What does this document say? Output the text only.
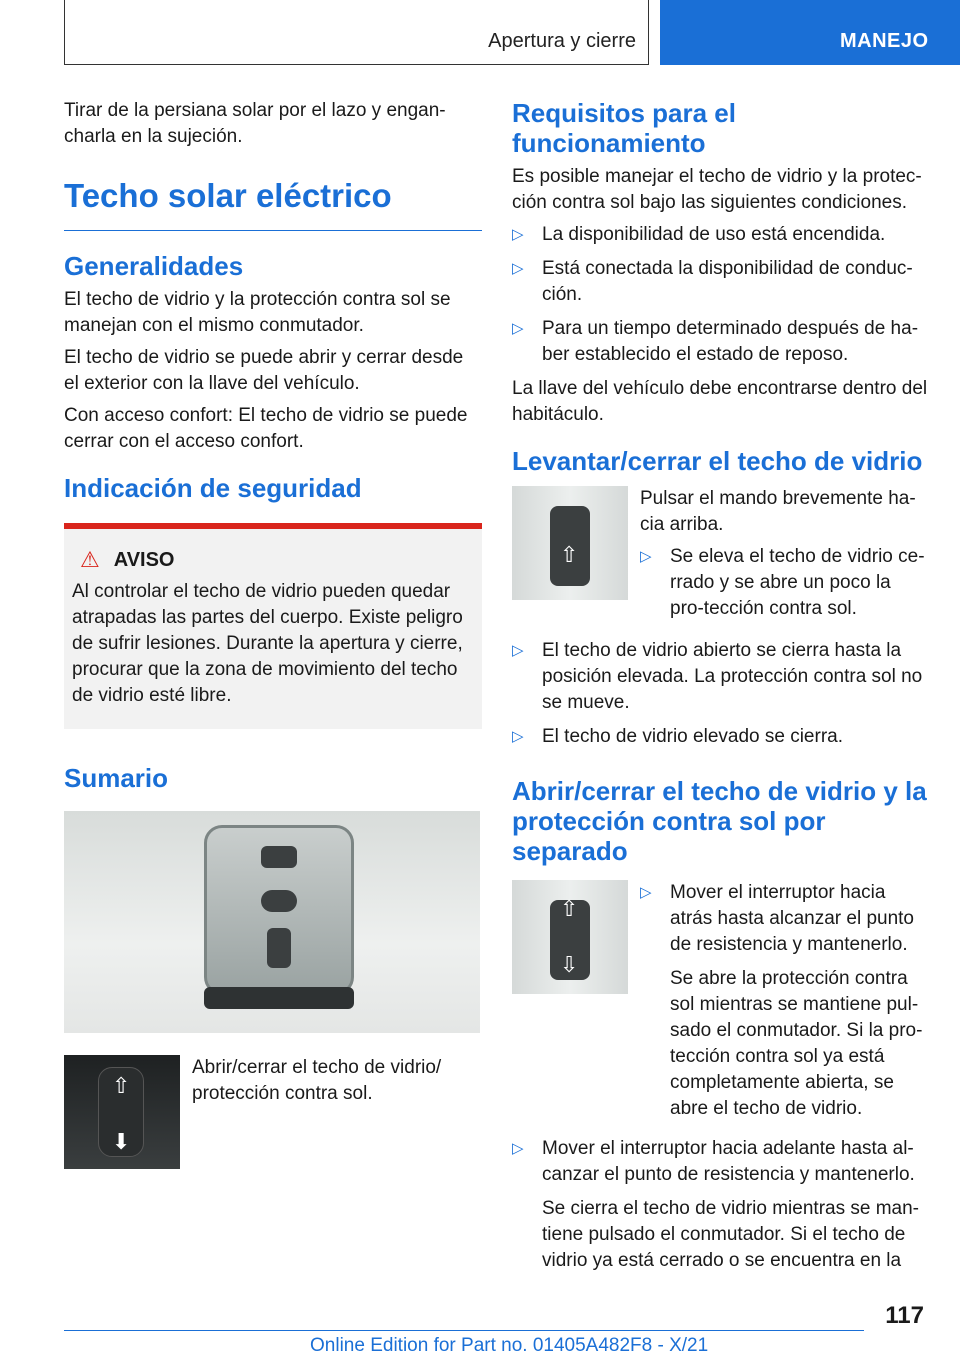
Apertura y cierre	MANEJO

Tirar de la persiana solar por el lazo y engan-charla en la sujeción.

Techo solar eléctrico
Generalidades

El techo de vidrio y la protección contra sol se manejan con el mismo conmutador.

El techo de vidrio se puede abrir y cerrar desde el exterior con la llave del vehículo.

Con acceso confort: El techo de vidrio se puede cerrar con el acceso confort.

Indicación de seguridad
⚠ AVISO

Al controlar el techo de vidrio pueden quedar atrapadas las partes del cuerpo. Existe peligro de sufrir lesiones. Durante la apertura y cierre, procurar que la zona de movimiento del techo de vidrio esté libre.

Sumario
⇧
⬇

Abrir/cerrar el techo de vidrio/ protección contra sol.

Requisitos para el funcionamiento

Es posible manejar el techo de vidrio y la protec-ción contra sol bajo las siguientes condiciones.

▷ La disponibilidad de uso está encendida.
▷ Está conectada la disponibilidad de conduc-ción.
▷ Para un tiempo determinado después de ha-ber establecido el estado de reposo.

La llave del vehículo debe encontrarse dentro del habitáculo.

Levantar/cerrar el techo de vidrio
⇧

Pulsar el mando brevemente ha-cia arriba.

▷ Se eleva el techo de vidrio ce-rrado y se abre un poco la pro-tección contra sol.
▷ El techo de vidrio abierto se cierra hasta la posición elevada. La protección contra sol no se mueve.
▷ El techo de vidrio elevado se cierra.
Abrir/cerrar el techo de vidrio y la protección contra sol por separado
⇧
⇩
▷ Mover el interruptor hacia atrás hasta alcanzar el punto de resistencia y mantenerlo.

Se abre la protección contra sol mientras se mantiene pul-sado el conmutador. Si la pro-tección contra sol ya está completamente abierta, se abre el techo de vidrio.

▷ Mover el interruptor hacia adelante hasta al-canzar el punto de resistencia y mantenerlo.

Se cierra el techo de vidrio mientras se man-tiene pulsado el conmutador. Si el techo de vidrio ya está cerrado o se encuentra en la

117
Online Edition for Part no. 01405A482F8 - X/21
